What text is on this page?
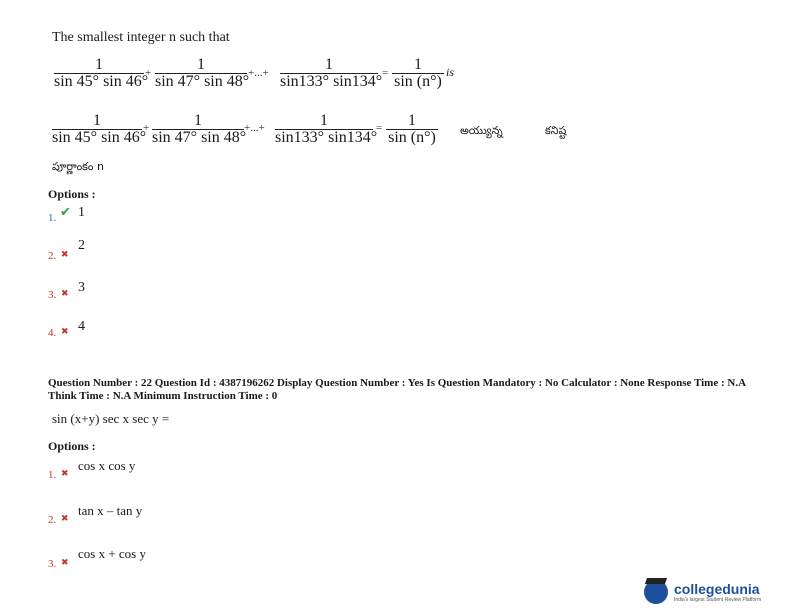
The smallest integer n such that
1
sin 45° sin 46°
+	1
sin 47° sin 48°
+...+	1
sin133° sin134° =	1
sin (n°)
is
1
sin 45° sin 46°
+	1
sin 47° sin 48°
+...+	1
sin133° sin134°
=	1
sin (n°) అయ్యున్న	కనిష్ట
పూర్ణాంకం n
Options :
1. ✔ 1
2. ✖
2
3. ✖ 3
4. ✖ 4
Question Number : 22 Question Id : 4387196262 Display Question Number : Yes Is Question Mandatory : No Calculator : None Response Time : N.A Think Time : N.A Minimum Instruction Time : 0
sin (x+y) sec x sec y =
Options :
1. ✖
cos x cos y
2. ✖
tan x – tan y
3. ✖
cos x + cos y
collegedunia
India's largest Student Review Platform
